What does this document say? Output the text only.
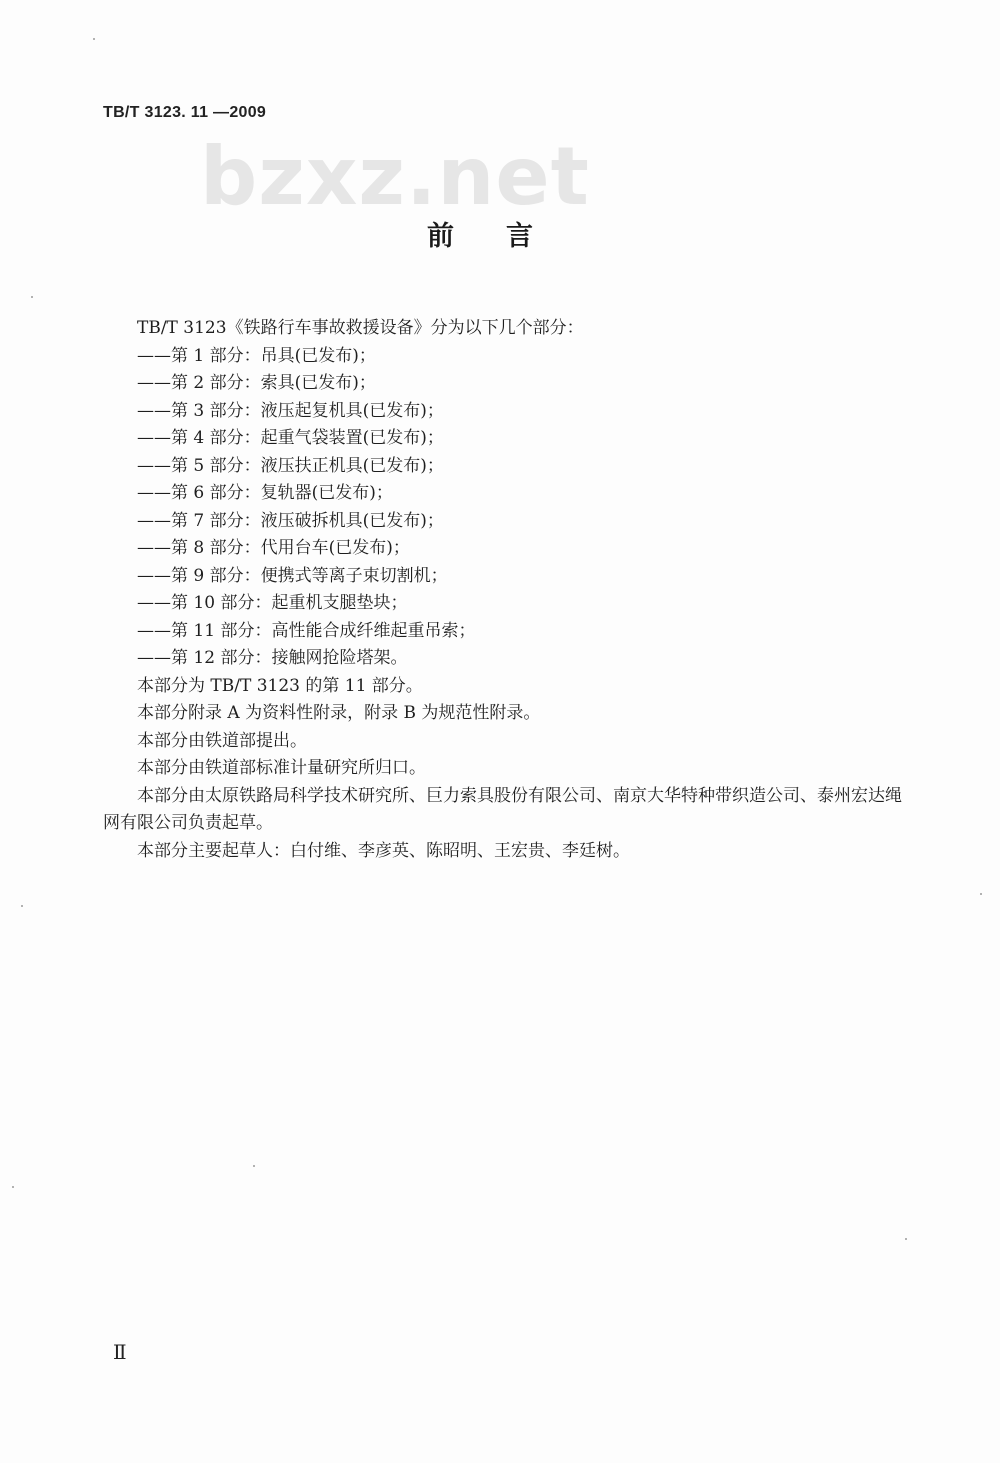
TB/T 3123. 11 —2009
bzxz.net
前言

TB/T 3123《铁路行车事故救援设备》分为以下几个部分：

——第 1 部分：吊具(已发布)；
——第 2 部分：索具(已发布)；
——第 3 部分：液压起复机具(已发布)；
——第 4 部分：起重气袋装置(已发布)；
——第 5 部分：液压扶正机具(已发布)；
——第 6 部分：复轨器(已发布)；
——第 7 部分：液压破拆机具(已发布)；
——第 8 部分：代用台车(已发布)；
——第 9 部分：便携式等离子束切割机；
——第 10 部分：起重机支腿垫块；
——第 11 部分：高性能合成纤维起重吊索；
——第 12 部分：接触网抢险塔架。

本部分为 TB/T 3123 的第 11 部分。

本部分附录 A 为资料性附录，附录 B 为规范性附录。

本部分由铁道部提出。

本部分由铁道部标准计量研究所归口。

本部分由太原铁路局科学技术研究所、巨力索具股份有限公司、南京大华特种带织造公司、泰州宏达绳网有限公司负责起草。

本部分主要起草人：白付维、李彦英、陈昭明、王宏贵、李廷树。

Ⅱ
